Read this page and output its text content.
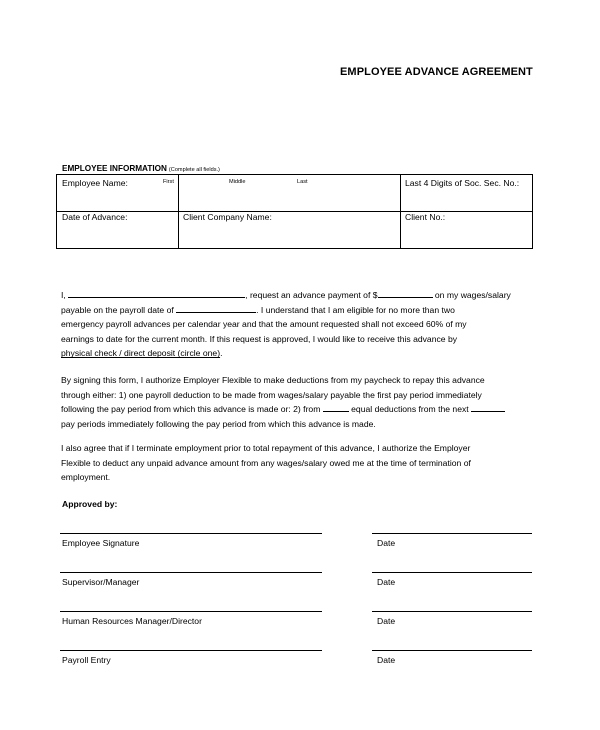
EMPLOYEE ADVANCE AGREEMENT
EMPLOYEE INFORMATION (Complete all fields.)
Employee Name:	First	Middle	Last	Last 4 Digits of Soc. Sec. No.:
Date of Advance:	Client Company Name:	Client No.:
I,	, request an advance payment of $	on my wages/salary
payable on the payroll date of	. I understand that I am eligible for no more than two
emergency payroll advances per calendar year and that the amount requested shall not exceed 60% of my
earnings to date for the current month. If this request is approved, I would like to receive this advance by
physical check / direct deposit (circle one).
By signing this form, I authorize Employer Flexible to make deductions from my paycheck to repay this advance
through either: 1) one payroll deduction to be made from wages/salary payable the first pay period immediately
following the pay period from which this advance is made or: 2) from	equal deductions from the next
pay periods immediately following the pay period from which this advance is made.
I also agree that if I terminate employment prior to total repayment of this advance, I authorize the Employer
Flexible to deduct any unpaid advance amount from any wages/salary owed me at the time of termination of
employment.
Approved by:
Employee Signature	Date
Supervisor/Manager	Date
Human Resources Manager/Director	Date
Payroll Entry	Date
